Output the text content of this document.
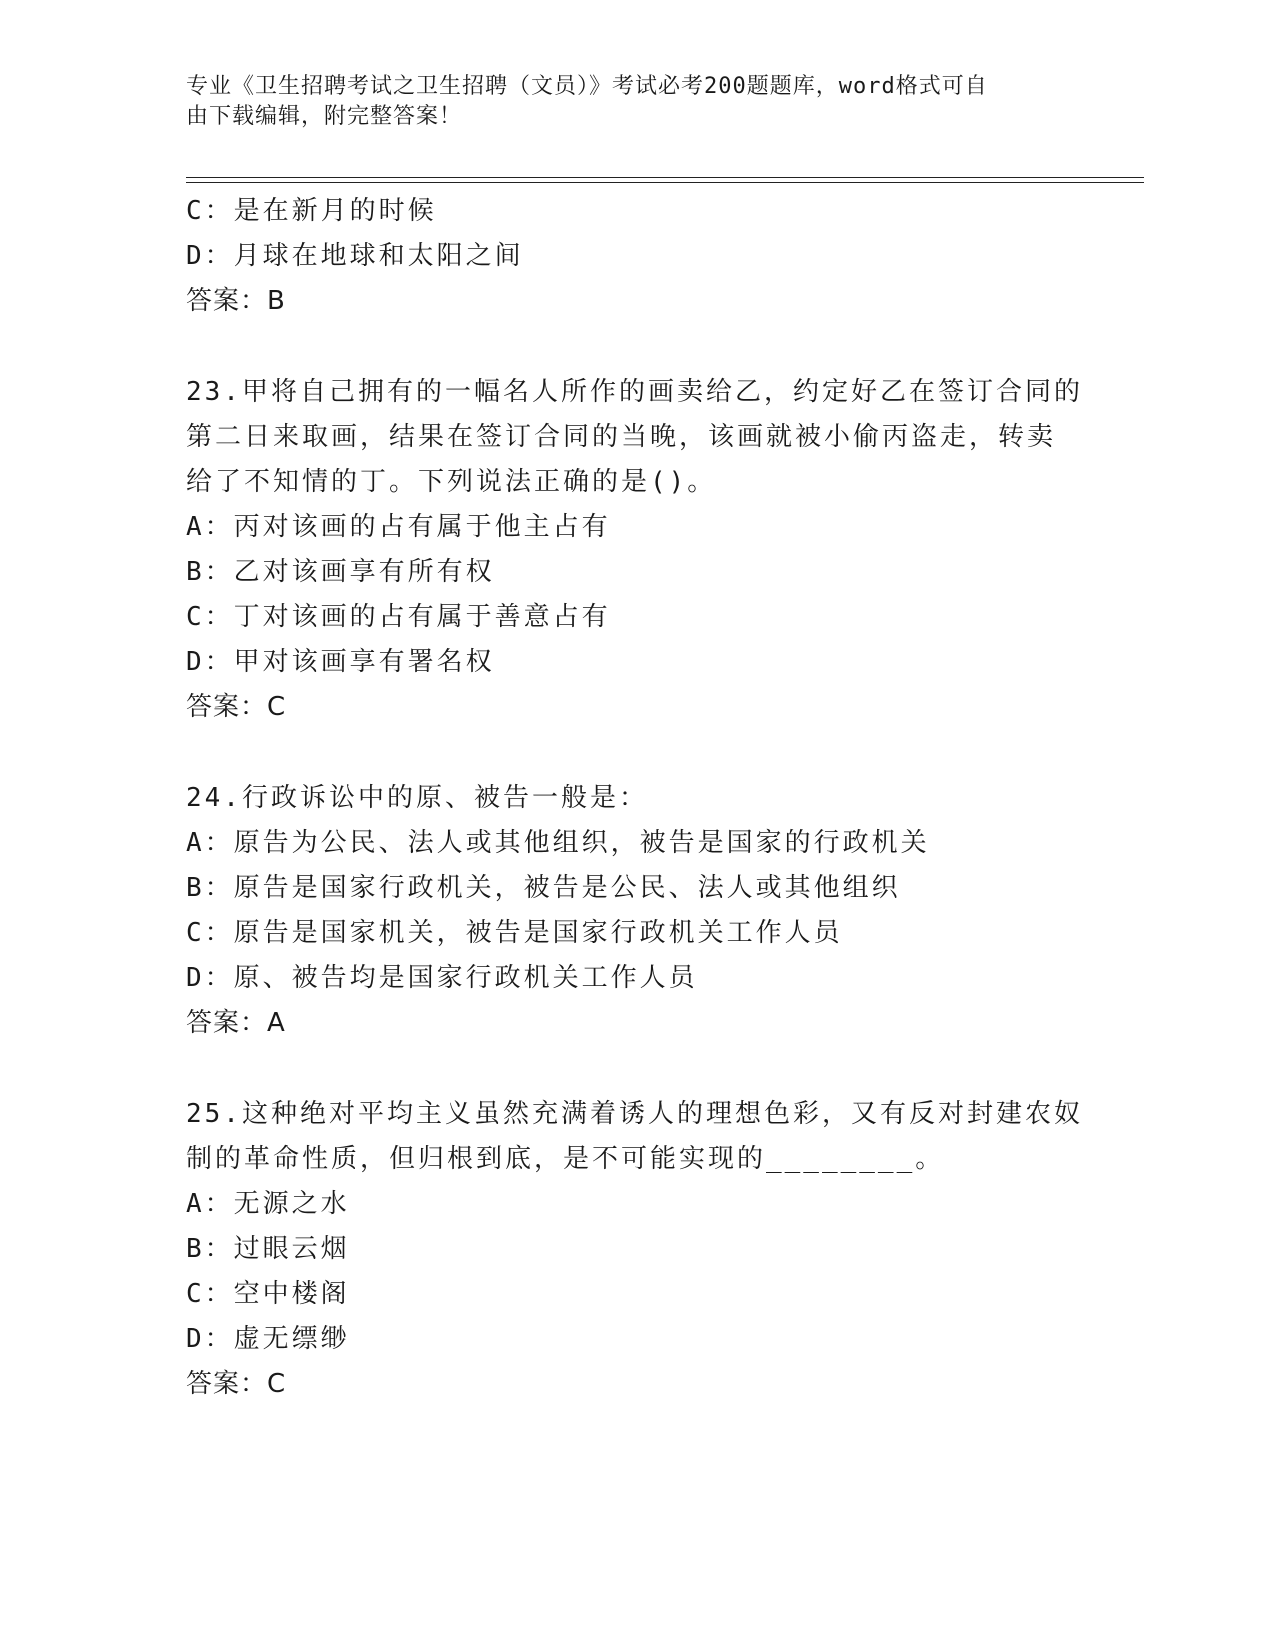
专业《卫生招聘考试之卫生招聘（文员）》考试必考200题题库，word格式可自
由下载编辑，附完整答案！
C：是在新月的时候
D：月球在地球和太阳之间
答案：B
23.甲将自己拥有的一幅名人所作的画卖给乙，约定好乙在签订合同的
第二日来取画，结果在签订合同的当晚，该画就被小偷丙盗走，转卖
给了不知情的丁。下列说法正确的是()。
A：丙对该画的占有属于他主占有
B：乙对该画享有所有权
C：丁对该画的占有属于善意占有
D：甲对该画享有署名权
答案：C
24.行政诉讼中的原、被告一般是：
A：原告为公民、法人或其他组织，被告是国家的行政机关
B：原告是国家行政机关，被告是公民、法人或其他组织
C：原告是国家机关，被告是国家行政机关工作人员
D：原、被告均是国家行政机关工作人员
答案：A
25.这种绝对平均主义虽然充满着诱人的理想色彩，又有反对封建农奴
制的革命性质，但归根到底，是不可能实现的________。
A：无源之水
B：过眼云烟
C：空中楼阁
D：虚无缥缈
答案：C
